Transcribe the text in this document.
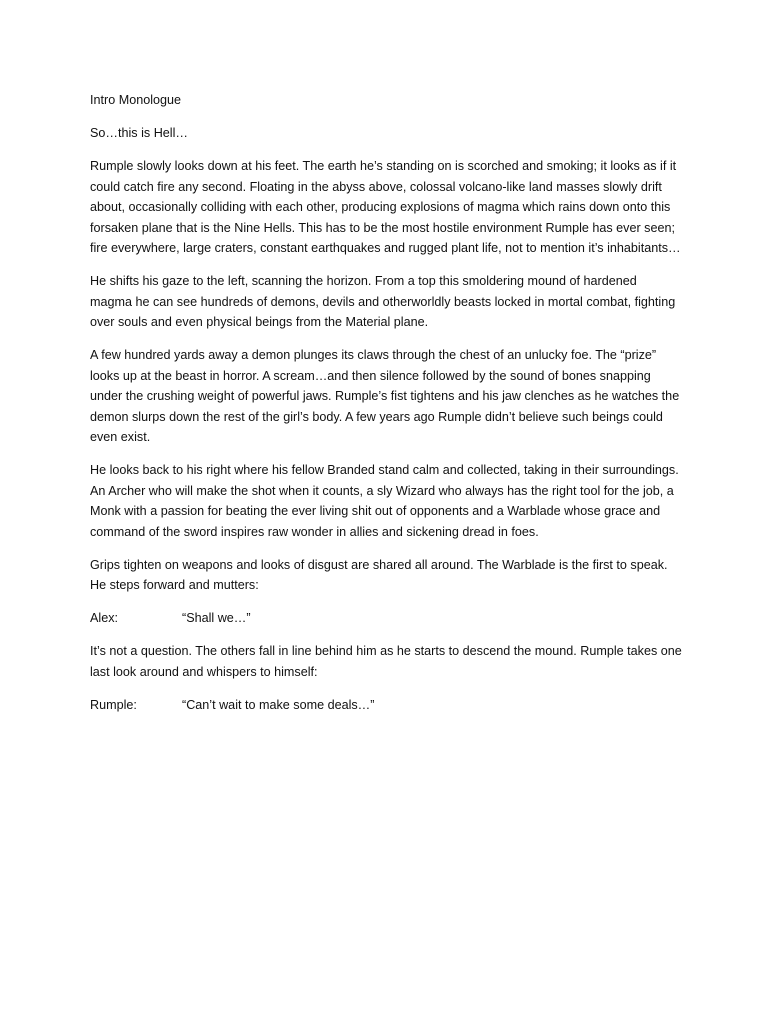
Intro Monologue

So…this is Hell…

Rumple slowly looks down at his feet. The earth he’s standing on is scorched and smoking; it looks as if it could catch fire any second. Floating in the abyss above, colossal volcano-like land masses slowly drift about, occasionally colliding with each other, producing explosions of magma which rains down onto this forsaken plane that is the Nine Hells. This has to be the most hostile environment Rumple has ever seen; fire everywhere, large craters, constant earthquakes and rugged plant life, not to mention it’s inhabitants…

He shifts his gaze to the left, scanning the horizon. From a top this smoldering mound of hardened magma he can see hundreds of demons, devils and otherworldly beasts locked in mortal combat, fighting over souls and even physical beings from the Material plane.

A few hundred yards away a demon plunges its claws through the chest of an unlucky foe. The “prize” looks up at the beast in horror. A scream…and then silence followed by the sound of bones snapping under the crushing weight of powerful jaws. Rumple’s fist tightens and his jaw clenches as he watches the demon slurps down the rest of the girl’s body. A few years ago Rumple didn’t believe such beings could even exist.

He looks back to his right where his fellow Branded stand calm and collected, taking in their surroundings. An Archer who will make the shot when it counts, a sly Wizard who always has the right tool for the job, a Monk with a passion for beating the ever living shit out of opponents and a Warblade whose grace and command of the sword inspires raw wonder in allies and sickening dread in foes.

Grips tighten on weapons and looks of disgust are shared all around. The Warblade is the first to speak. He steps forward and mutters:

Alex:	“Shall we…”

It’s not a question. The others fall in line behind him as he starts to descend the mound. Rumple takes one last look around and whispers to himself:

Rumple:	“Can’t wait to make some deals…”
